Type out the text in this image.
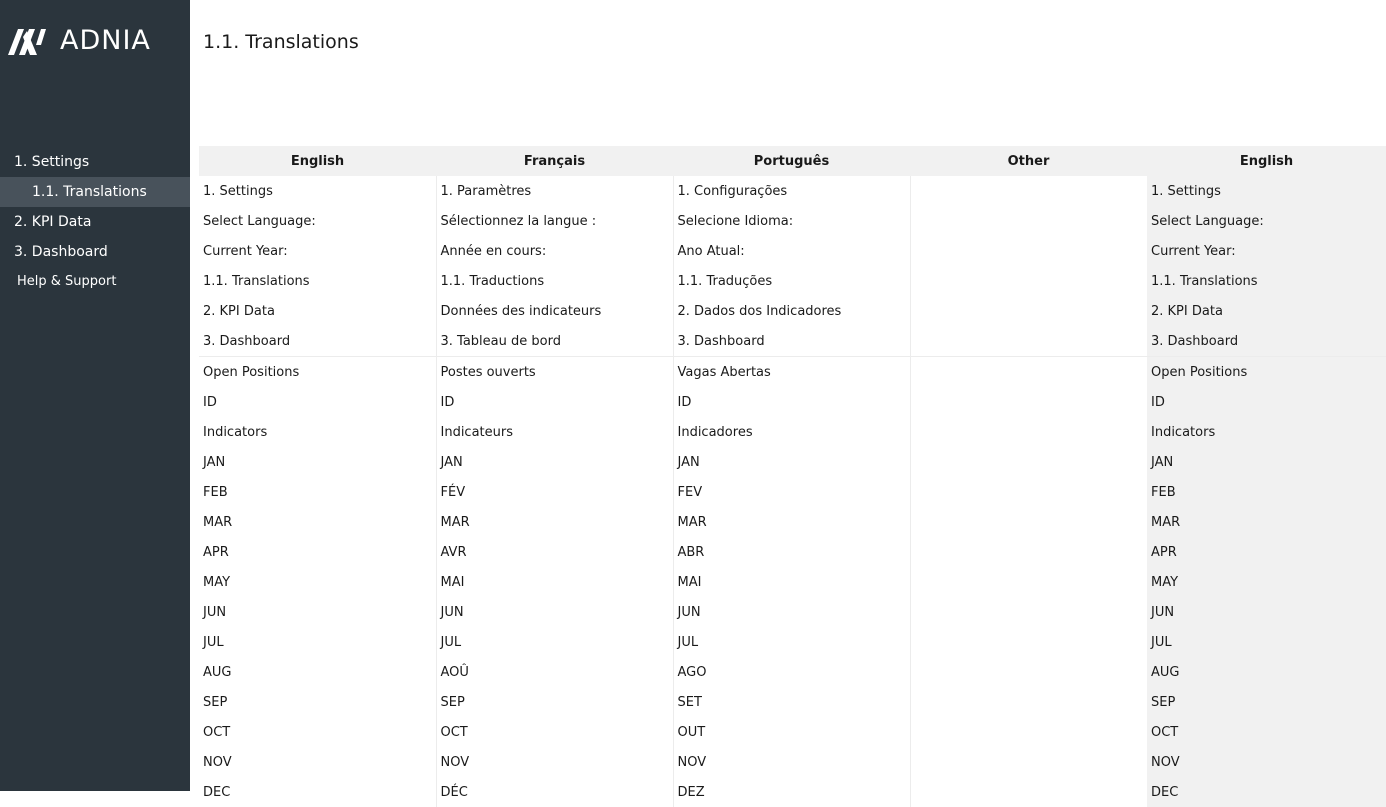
ADNIA
1. Settings
1.1. Translations
2. KPI Data
3. Dashboard
Help & Support
1.1. Translations
English	Français	Português	Other	English
1. Settings	1. Paramètres	1. Configurações		1. Settings
Select Language:	Sélectionnez la langue :	Selecione Idioma:		Select Language:
Current Year:	Année en cours:	Ano Atual:		Current Year:
1.1. Translations	1.1. Traductions	1.1. Traduções		1.1. Translations
2. KPI Data	Données des indicateurs	2. Dados dos Indicadores		2. KPI Data
3. Dashboard	3. Tableau de bord	3. Dashboard		3. Dashboard
Open Positions	Postes ouverts	Vagas Abertas		Open Positions
ID	ID	ID		ID
Indicators	Indicateurs	Indicadores		Indicators
JAN	JAN	JAN		JAN
FEB	FÉV	FEV		FEB
MAR	MAR	MAR		MAR
APR	AVR	ABR		APR
MAY	MAI	MAI		MAY
JUN	JUN	JUN		JUN
JUL	JUL	JUL		JUL
AUG	AOÛ	AGO		AUG
SEP	SEP	SET		SEP
OCT	OCT	OUT		OCT
NOV	NOV	NOV		NOV
DEC	DÉC	DEZ		DEC
